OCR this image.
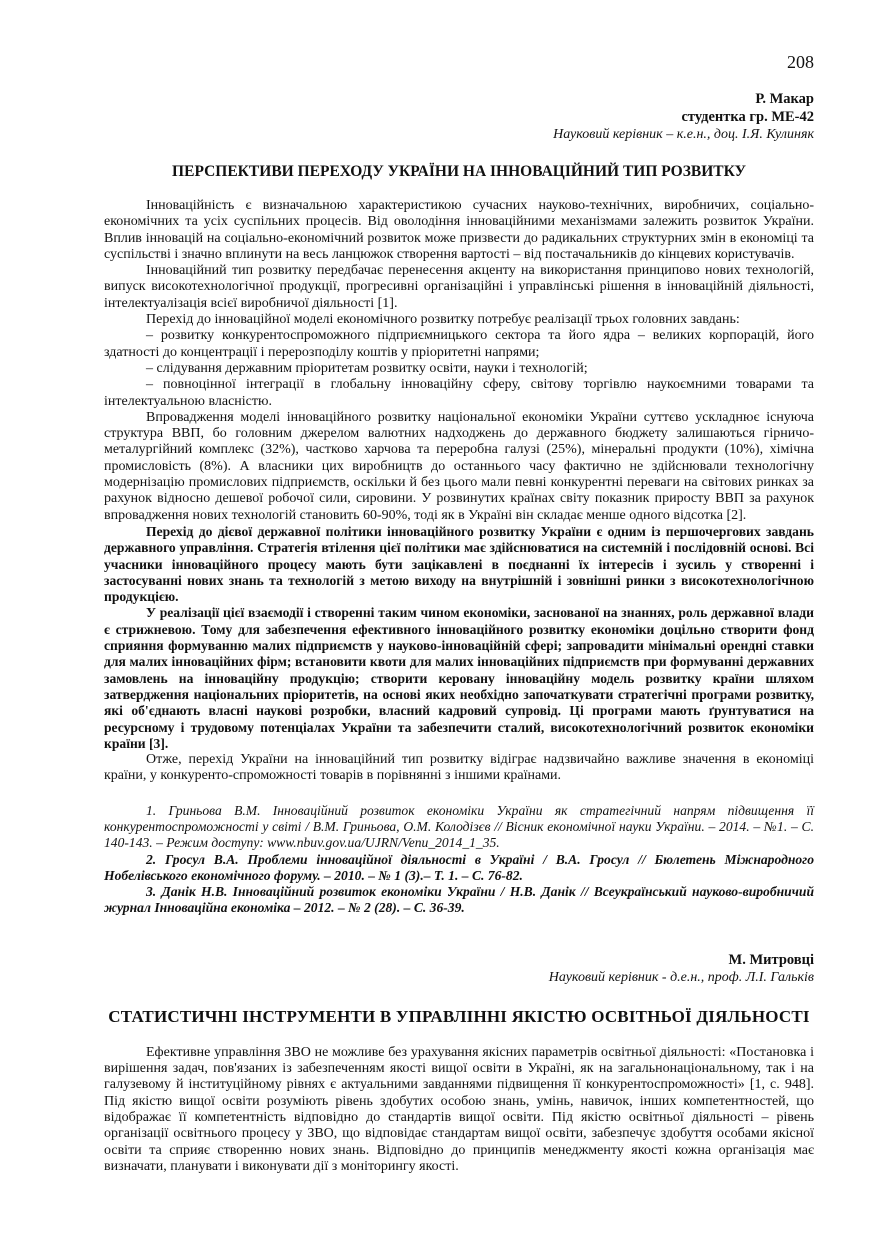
208
Р. Макар
студентка гр. МЕ-42
Науковий керівник – к.е.н., доц. І.Я. Кулиняк
ПЕРСПЕКТИВИ ПЕРЕХОДУ УКРАЇНИ НА ІННОВАЦІЙНИЙ ТИП РОЗВИТКУ

Інноваційність є визначальною характеристикою сучасних науково-технічних, виробничих, соціально-економічних та усіх суспільних процесів. Від оволодіння інноваційними механізмами залежить розвиток України. Вплив інновацій на соціально-економічний розвиток може призвести до радикальних структурних змін в економіці та суспільстві і значно вплинути на весь ланцюжок створення вартості – від постачальників до кінцевих користувачів.

Інноваційний тип розвитку передбачає перенесення акценту на використання принципово нових технологій, випуск високотехнологічної продукції, прогресивні організаційні і управлінські рішення в інноваційній діяльності, інтелектуалізація всієї виробничої діяльності [1].

Перехід до інноваційної моделі економічного розвитку потребує реалізації трьох головних завдань:

– розвитку конкурентоспроможного підприємницького сектора та його ядра – великих корпорацій, його здатності до концентрації і перерозподілу коштів у пріоритетні напрями;

– слідування державним пріоритетам розвитку освіти, науки і технологій;

– повноцінної інтеграції в глобальну інноваційну сферу, світову торгівлю наукоємними товарами та інтелектуальною власністю.

Впровадження моделі інноваційного розвитку національної економіки України суттєво ускладнює існуюча структура ВВП, бо головним джерелом валютних надходжень до державного бюджету залишаються гірничо-металургійний комплекс (32%), частково харчова та переробна галузі (25%), мінеральні продукти (10%), хімічна промисловість (8%). А власники цих виробництв до останнього часу фактично не здійснювали технологічну модернізацію промислових підприємств, оскільки й без цього мали певні конкурентні переваги на світових ринках за рахунок відносно дешевої робочої сили, сировини. У розвинутих країнах світу показник приросту ВВП за рахунок впровадження нових технологій становить 60-90%, тоді як в Україні він складає менше одного відсотка [2].

Перехід до дієвої державної політики інноваційного розвитку України є одним із першочергових завдань державного управління. Стратегія втілення цієї політики має здійснюватися на системній і послідовній основі. Всі учасники інноваційного процесу мають бути зацікавлені в поєднанні їх інтересів і зусиль у створенні і застосуванні нових знань та технологій з метою виходу на внутрішній і зовнішні ринки з високотехнологічною продукцією.

У реалізації цієї взаємодії і створенні таким чином економіки, заснованої на знаннях, роль державної влади є стрижневою. Тому для забезпечення ефективного інноваційного розвитку економіки доцільно створити фонд сприяння формуванню малих підприємств у науково-інноваційній сфері; запровадити мінімальні орендні ставки для малих інноваційних фірм; встановити квоти для малих інноваційних підприємств при формуванні державних замовлень на інноваційну продукцію; створити керовану інноваційну модель розвитку країни шляхом затвердження національних пріоритетів, на основі яких необхідно започаткувати стратегічні програми розвитку, які об'єднають власні наукові розробки, власний кадровий супровід. Ці програми мають ґрунтуватися на ресурсному і трудовому потенціалах України та забезпечити сталий, високотехнологічний розвиток економіки країни [3].

Отже, перехід України на інноваційний тип розвитку відіграє надзвичайно важливе значення в економіці країни, у конкуренто-спроможності товарів в порівнянні з іншими країнами.

1. Гриньова В.М. Інноваційний розвиток економіки України як стратегічний напрям підвищення її конкурентоспроможності у світі / В.М. Гриньова, О.М. Колодізєв // Вісник економічної науки України. – 2014. – №1. – С. 140-143. – Режим доступу: www.nbuv.gov.ua/UJRN/Venu_2014_1_35.

2. Гросул В.А. Проблеми інноваційної діяльності в Україні / В.А. Гросул // Бюлетень Міжнародного Нобелівського економічного форуму. – 2010. – № 1 (3).– Т. 1. – С. 76-82.

3. Данік Н.В. Інноваційний розвиток економіки України / Н.В. Данік // Всеукраїнський науково-виробничий журнал Інноваційна економіка – 2012. – № 2 (28). – С. 36-39.

М. Митровці
Науковий керівник - д.е.н., проф. Л.І. Гальків
СТАТИСТИЧНІ ІНСТРУМЕНТИ В УПРАВЛІННІ ЯКІСТЮ ОСВІТНЬОЇ ДІЯЛЬНОСТІ

Ефективне управління ЗВО не можливе без урахування якісних параметрів освітньої діяльності: «Постановка і вирішення задач, пов'язаних із забезпеченням якості вищої освіти в Україні, як на загальнонаціональному, так і на галузевому й інституційному рівнях є актуальними завданнями підвищення її конкурентоспроможності» [1, с. 948]. Під якістю вищої освіти розуміють рівень здобутих особою знань, умінь, навичок, інших компетентностей, що відображає її компетентність відповідно до стандартів вищої освіти. Під якістю освітньої діяльності – рівень організації освітнього процесу у ЗВО, що відповідає стандартам вищої освіти, забезпечує здобуття особами якісної освіти та сприяє створенню нових знань. Відповідно до принципів менеджменту якості кожна організація має визначати, планувати і виконувати дії з моніторингу якості.
